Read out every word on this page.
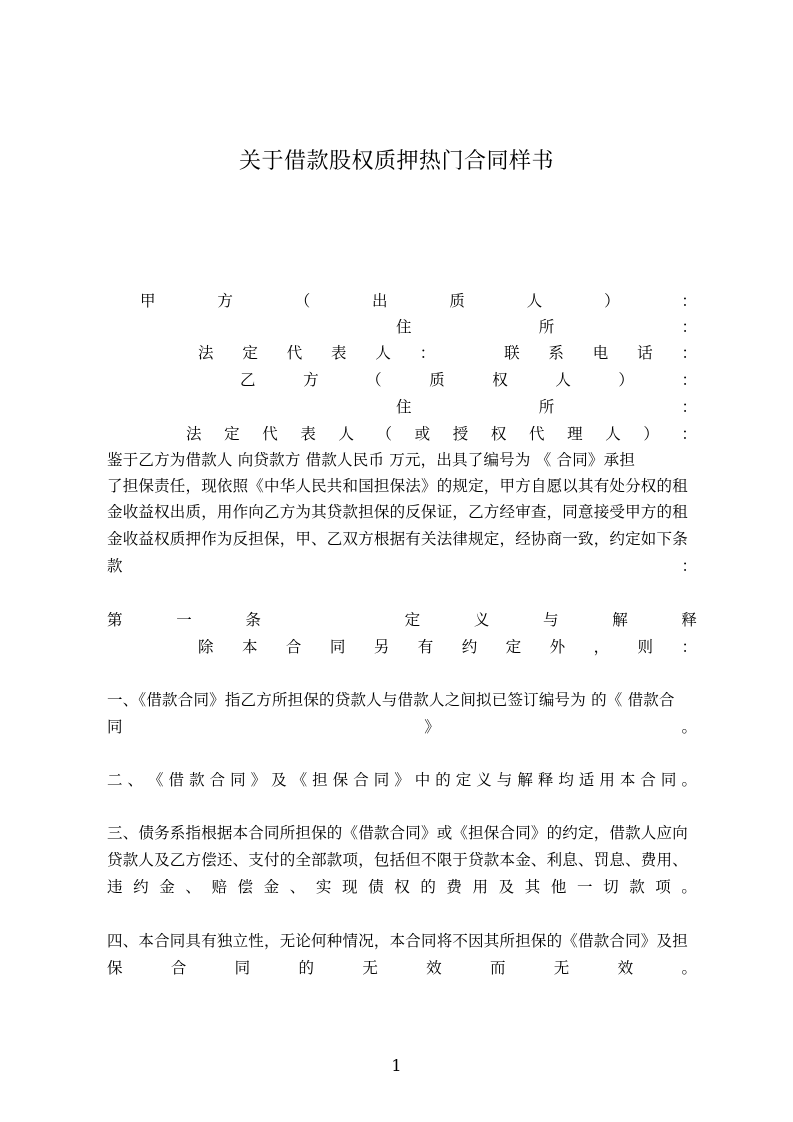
关于借款股权质押热门合同样书
甲	方	（	出	质	人	）	：
住	所	：
法 定 代 表 人 ：	联 系 电 话 ：
乙	方	（	质	权	人	）	：
住	所	：
法 定 代 表 人 （ 或 授 权 代 理 人 ） ：
鉴于乙方为借款人 向贷款方 借款人民币 万元，出具了编号为 《 合同》承担
了担保责任，现依照《中华人民共和国担保法》的规定，甲方自愿以其有处分权的租
金收益权出质，用作向乙方为其贷款担保的反保证，乙方经审查，同意接受甲方的租
金收益权质押作为反担保，甲、乙双方根据有关法律规定，经协商一致，约定如下条
款	：
第	一	条	定	义	与	解	释
除 本 合 同 另 有 约 定 外 ， 则 ：
一、《借款合同》指乙方所担保的贷款人与借款人之间拟已签订编号为 的《 借款合
同	》	。
二 、 《 借 款 合 同 》 及 《 担 保 合 同 》 中 的 定 义 与 解 释 均 适 用 本 合 同 。
三、债务系指根据本合同所担保的《借款合同》或《担保合同》的约定，借款人应向
贷款人及乙方偿还、支付的全部款项，包括但不限于贷款本金、利息、罚息、费用、
违 约 金 、 赔 偿 金 、 实 现 债 权 的 费 用 及 其 他 一 切 款 项 。
四、本合同具有独立性，无论何种情况，本合同将不因其所担保的《借款合同》及担
保	合	同	的	无	效	而	无	效	。
1
